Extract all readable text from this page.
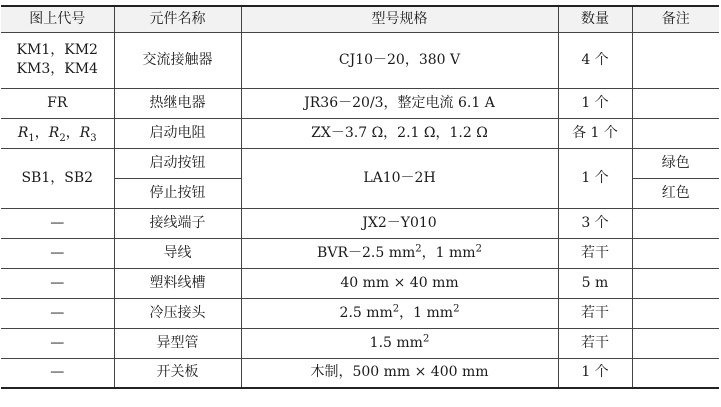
图上代号	元件名称	型号规格	数量	备注

KM1，KM2
KM3，KM4	交流接触器	CJ10－20，380 V	4 个	
FR	热继电器	JR36－20/3，整定电流 6.1 A	1 个	
$R_1$，$R_2$，$R_3$	启动电阻	ZX－3.7 Ω，2.1 Ω，1.2 Ω	各 1 个	
SB1，SB2	启动按钮	LA10－2H	1 个	绿色
	停止按钮			红色
—	接线端子	JX2－Y010	3 个	
—	导线	BVR－2.5 $mm^2$，1 $mm^2$	若干	
—	塑料线槽	40 mm × 40 mm	5 m	
—	冷压接头	2.5 $mm^2$，1 $mm^2$	若干	
—	异型管	1.5 $mm^2$	若干	
—	开关板	木制，500 mm × 400 mm	1 个	
